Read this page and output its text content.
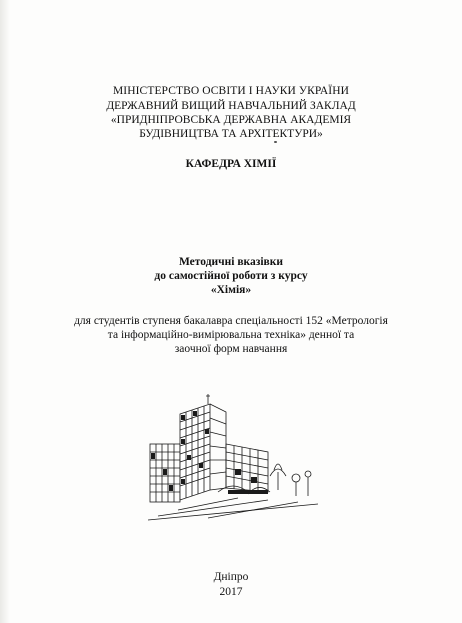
МІНІСТЕРСТВО ОСВІТИ І НАУКИ УКРАЇНИ
ДЕРЖАВНИЙ ВИЩИЙ НАВЧАЛЬНИЙ ЗАКЛАД
«ПРИДНІПРОВСЬКА ДЕРЖАВНА АКАДЕМІЯ
БУДІВНИЦТВА ТА АРХІТЕКТУРИ»
КАФЕДРА ХІМІЇ
Методичні вказівки
до самостійної роботи з курсу
«Хімія»
для студентів ступеня бакалавра спеціальності 152 «Метрологія
та інформаційно-вимірювальна техніка» денної та
заочної форм навчання
Дніпро
2017
